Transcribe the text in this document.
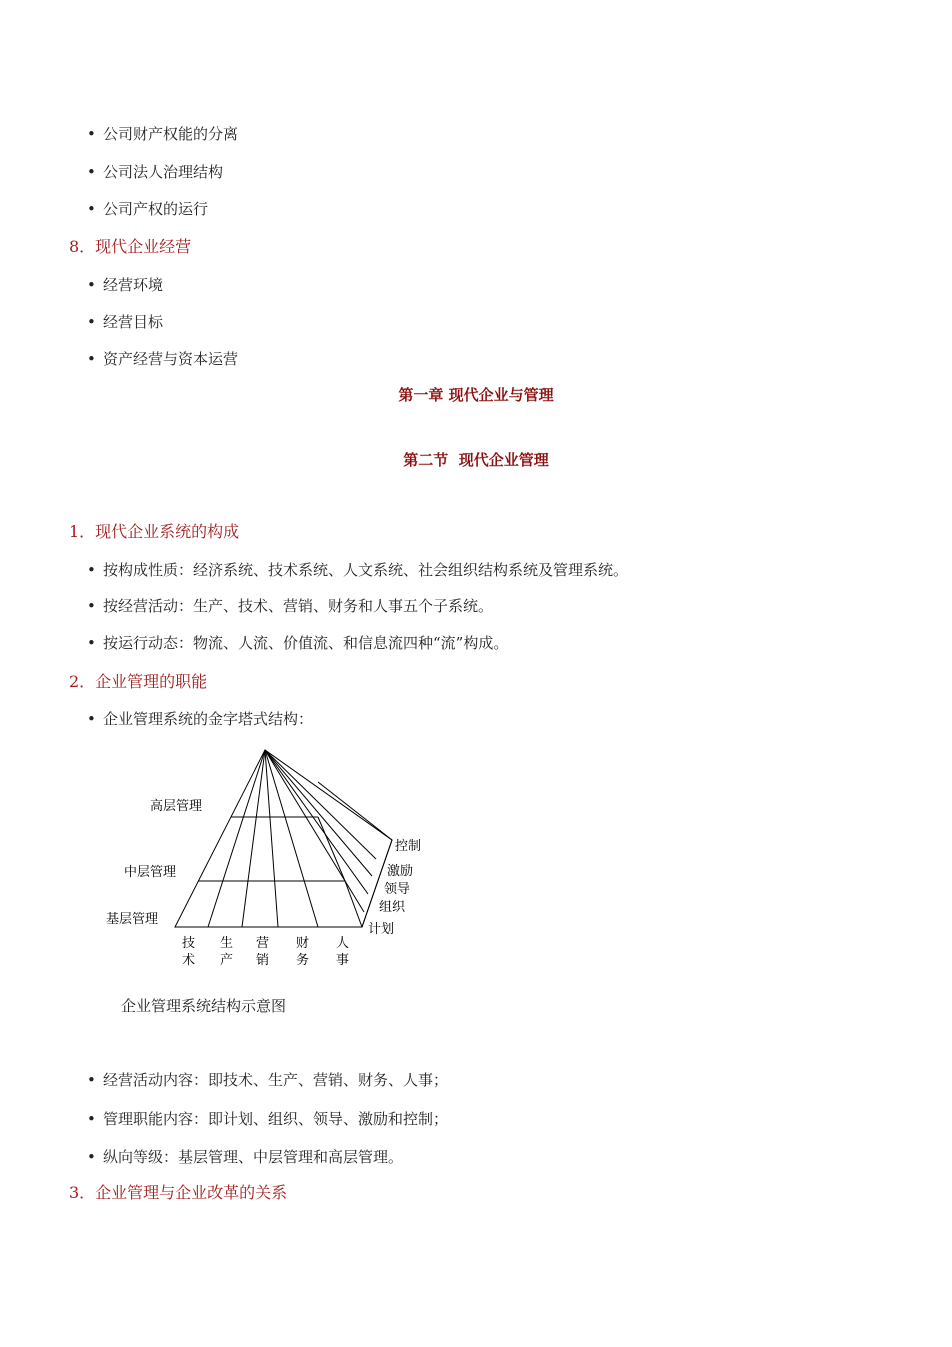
• 公司财产权能的分离
• 公司法人治理结构
• 公司产权的运行
8．现代企业经营
• 经营环境
• 经营目标
• 资产经营与资本运营
第一章 现代企业与管理
第二节  现代企业管理
1．现代企业系统的构成
• 按构成性质：经济系统、技术系统、人文系统、社会组织结构系统及管理系统。
• 按经营活动：生产、技术、营销、财务和人事五个子系统。
• 按运行动态：物流、人流、价值流、和信息流四种“流”构成。
2．企业管理的职能
• 企业管理系统的金字塔式结构：
高层管理
中层管理
基层管理
控制
激励
领导
组织
计划
技
术
生
产
营
销
财
务
人
事
企业管理系统结构示意图
• 经营活动内容：即技术、生产、营销、财务、人事；
• 管理职能内容：即计划、组织、领导、激励和控制；
• 纵向等级：基层管理、中层管理和高层管理。
3．企业管理与企业改革的关系
